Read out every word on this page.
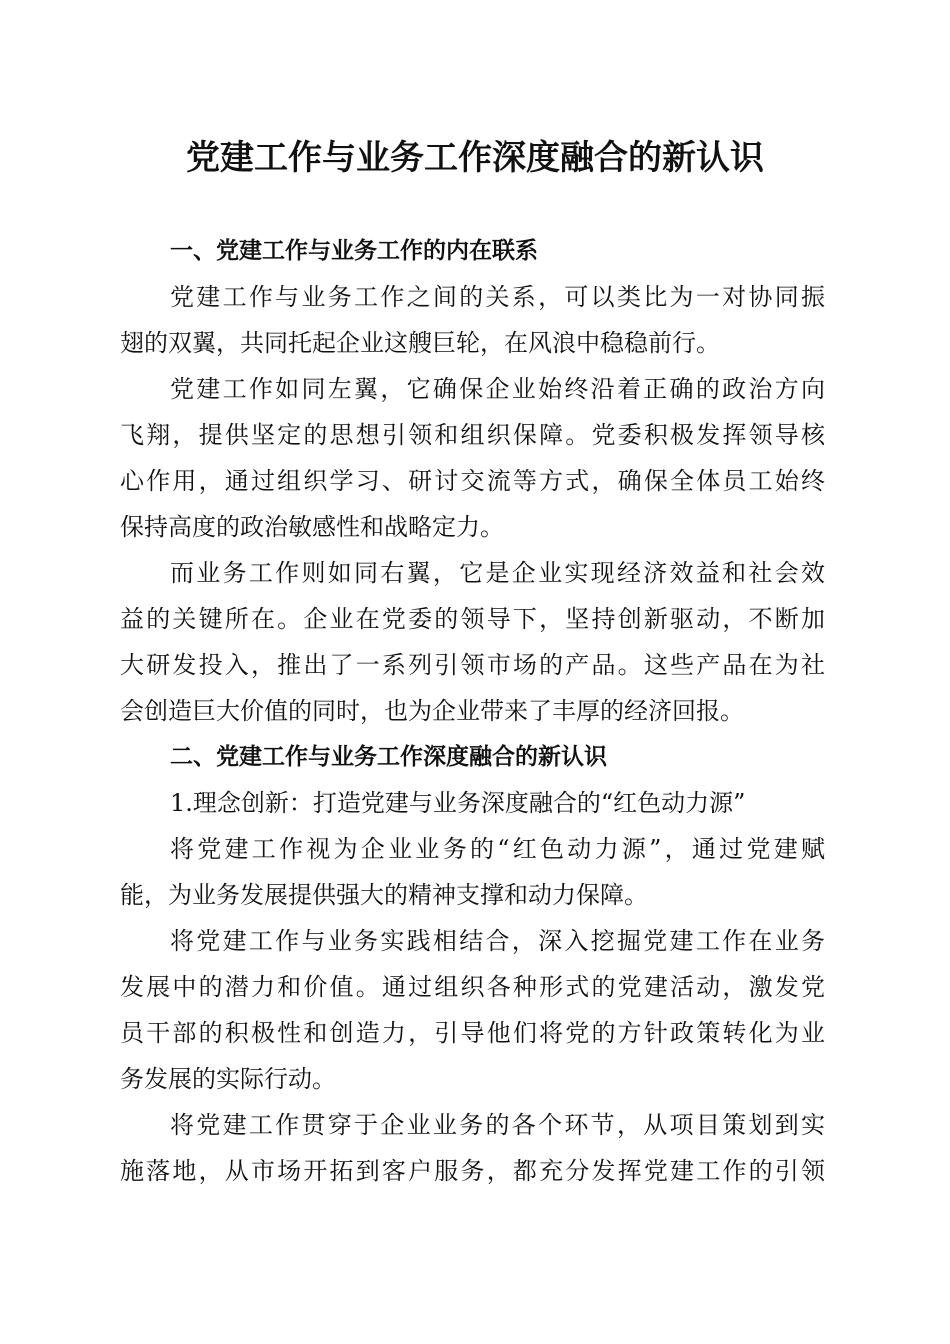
党建工作与业务工作深度融合的新认识
一、党建工作与业务工作的内在联系
党建工作与业务工作之间的关系，可以类比为一对协同振
翅的双翼，共同托起企业这艘巨轮，在风浪中稳稳前行。
党建工作如同左翼，它确保企业始终沿着正确的政治方向
飞翔，提供坚定的思想引领和组织保障。党委积极发挥领导核
心作用，通过组织学习、研讨交流等方式，确保全体员工始终
保持高度的政治敏感性和战略定力。
而业务工作则如同右翼，它是企业实现经济效益和社会效
益的关键所在。企业在党委的领导下，坚持创新驱动，不断加
大研发投入，推出了一系列引领市场的产品。这些产品在为社
会创造巨大价值的同时，也为企业带来了丰厚的经济回报。
二、党建工作与业务工作深度融合的新认识
1.理念创新：打造党建与业务深度融合的“红色动力源”
将党建工作视为企业业务的“红色动力源”，通过党建赋
能，为业务发展提供强大的精神支撑和动力保障。
将党建工作与业务实践相结合，深入挖掘党建工作在业务
发展中的潜力和价值。通过组织各种形式的党建活动，激发党
员干部的积极性和创造力，引导他们将党的方针政策转化为业
务发展的实际行动。
将党建工作贯穿于企业业务的各个环节，从项目策划到实
施落地，从市场开拓到客户服务，都充分发挥党建工作的引领
